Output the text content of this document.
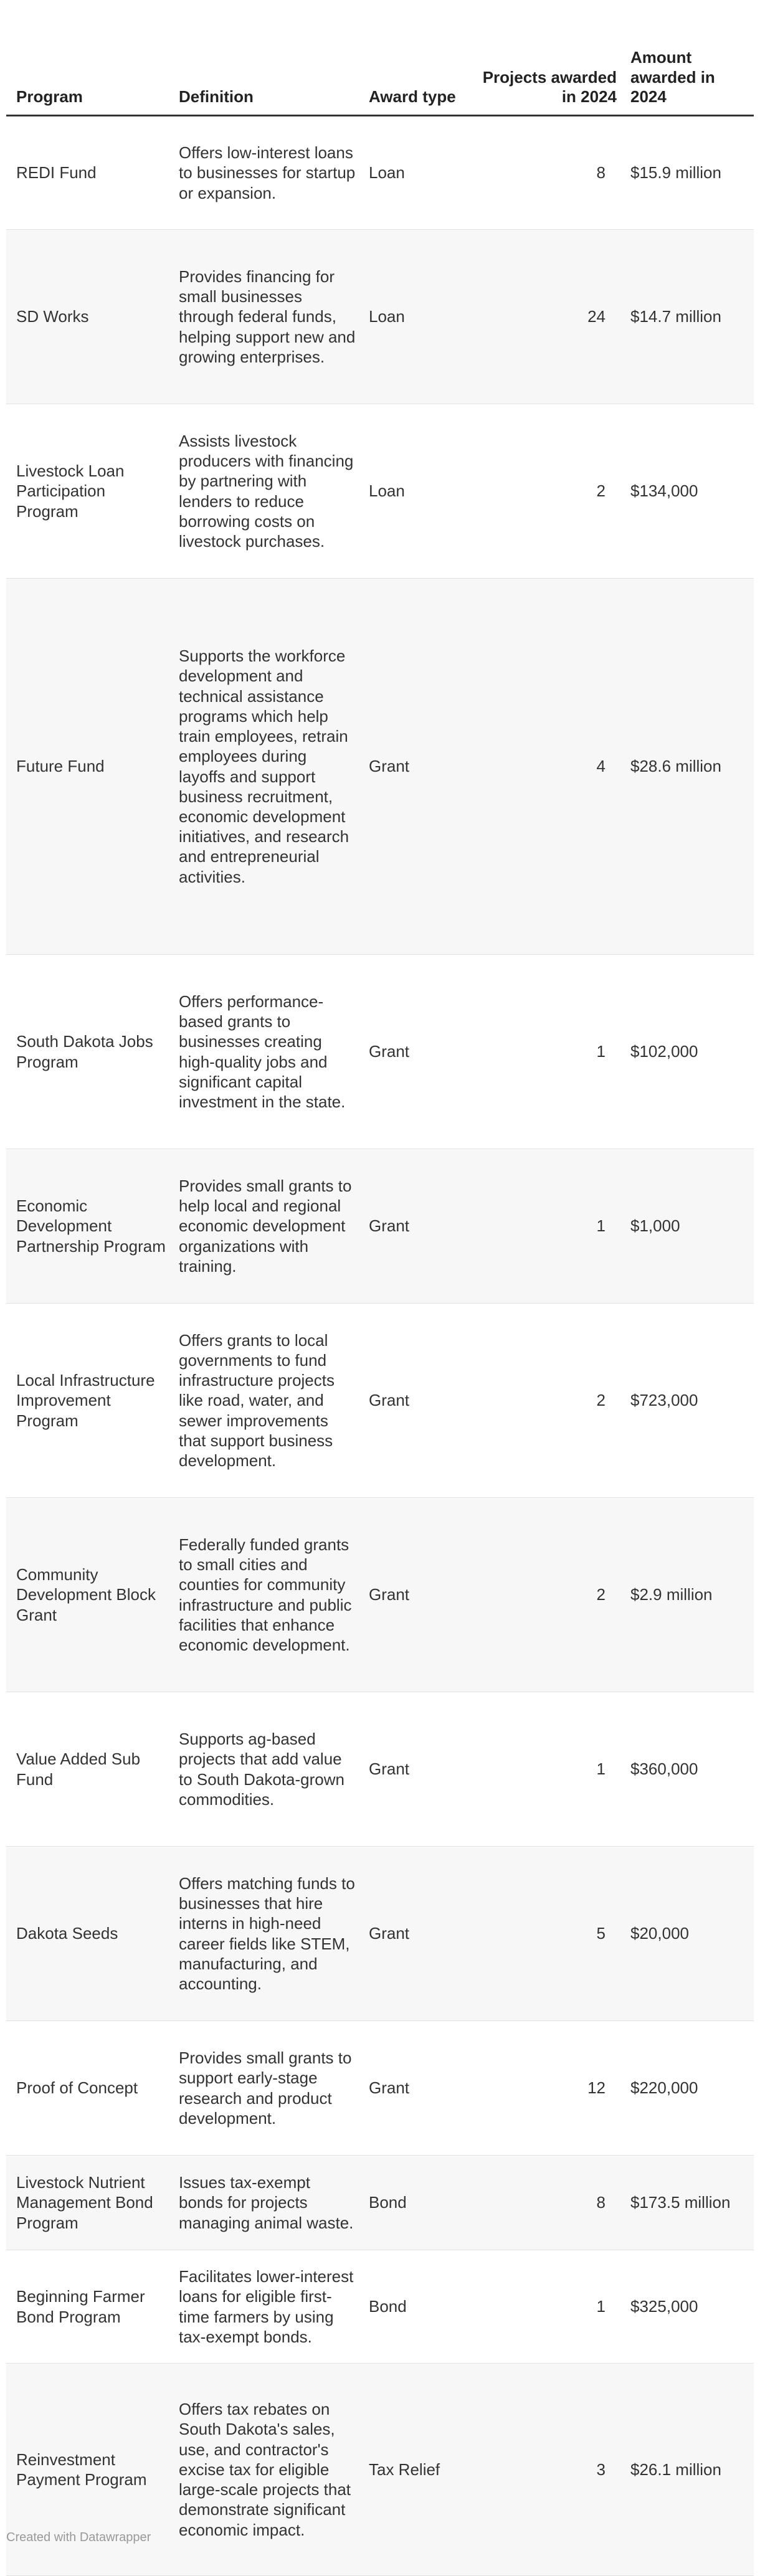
Program	Definition	Award type	Projects awarded in 2024	Amount awarded in 2024
REDI Fund	Offers low-interest loans to businesses for startup or expansion.	Loan	8	$15.9 million
SD Works	Provides financing for small businesses through federal funds, helping support new and growing enterprises.	Loan	24	$14.7 million
Livestock Loan Participation Program	Assists livestock producers with financing by partnering with lenders to reduce borrowing costs on livestock purchases.	Loan	2	$134,000
Future Fund	Supports the workforce development and technical assistance programs which help train employees, retrain employees during layoffs and support business recruitment, economic development initiatives, and research and entrepreneurial activities.	Grant	4	$28.6 million
South Dakota Jobs Program	Offers performance-based grants to businesses creating high-quality jobs and significant capital investment in the state.	Grant	1	$102,000
Economic Development Partnership Program	Provides small grants to help local and regional economic development organizations with training.	Grant	1	$1,000
Local Infrastructure Improvement Program	Offers grants to local governments to fund infrastructure projects like road, water, and sewer improvements that support business development.	Grant	2	$723,000
Community Development Block Grant	Federally funded grants to small cities and counties for community infrastructure and public facilities that enhance economic development.	Grant	2	$2.9 million
Value Added Sub Fund	Supports ag-based projects that add value to South Dakota-grown commodities.	Grant	1	$360,000
Dakota Seeds	Offers matching funds to businesses that hire interns in high-need career fields like STEM, manufacturing, and accounting.	Grant	5	$20,000
Proof of Concept	Provides small grants to support early-stage research and product development.	Grant	12	$220,000
Livestock Nutrient Management Bond Program	Issues tax-exempt bonds for projects managing animal waste.	Bond	8	$173.5 million
Beginning Farmer Bond Program	Facilitates lower-interest loans for eligible first-time farmers by using tax-exempt bonds.	Bond	1	$325,000
Reinvestment Payment Program	Offers tax rebates on South Dakota's sales, use, and contractor's excise tax for eligible large-scale projects that demonstrate significant economic impact.	Tax Relief	3	$26.1 million
Created with Datawrapper
